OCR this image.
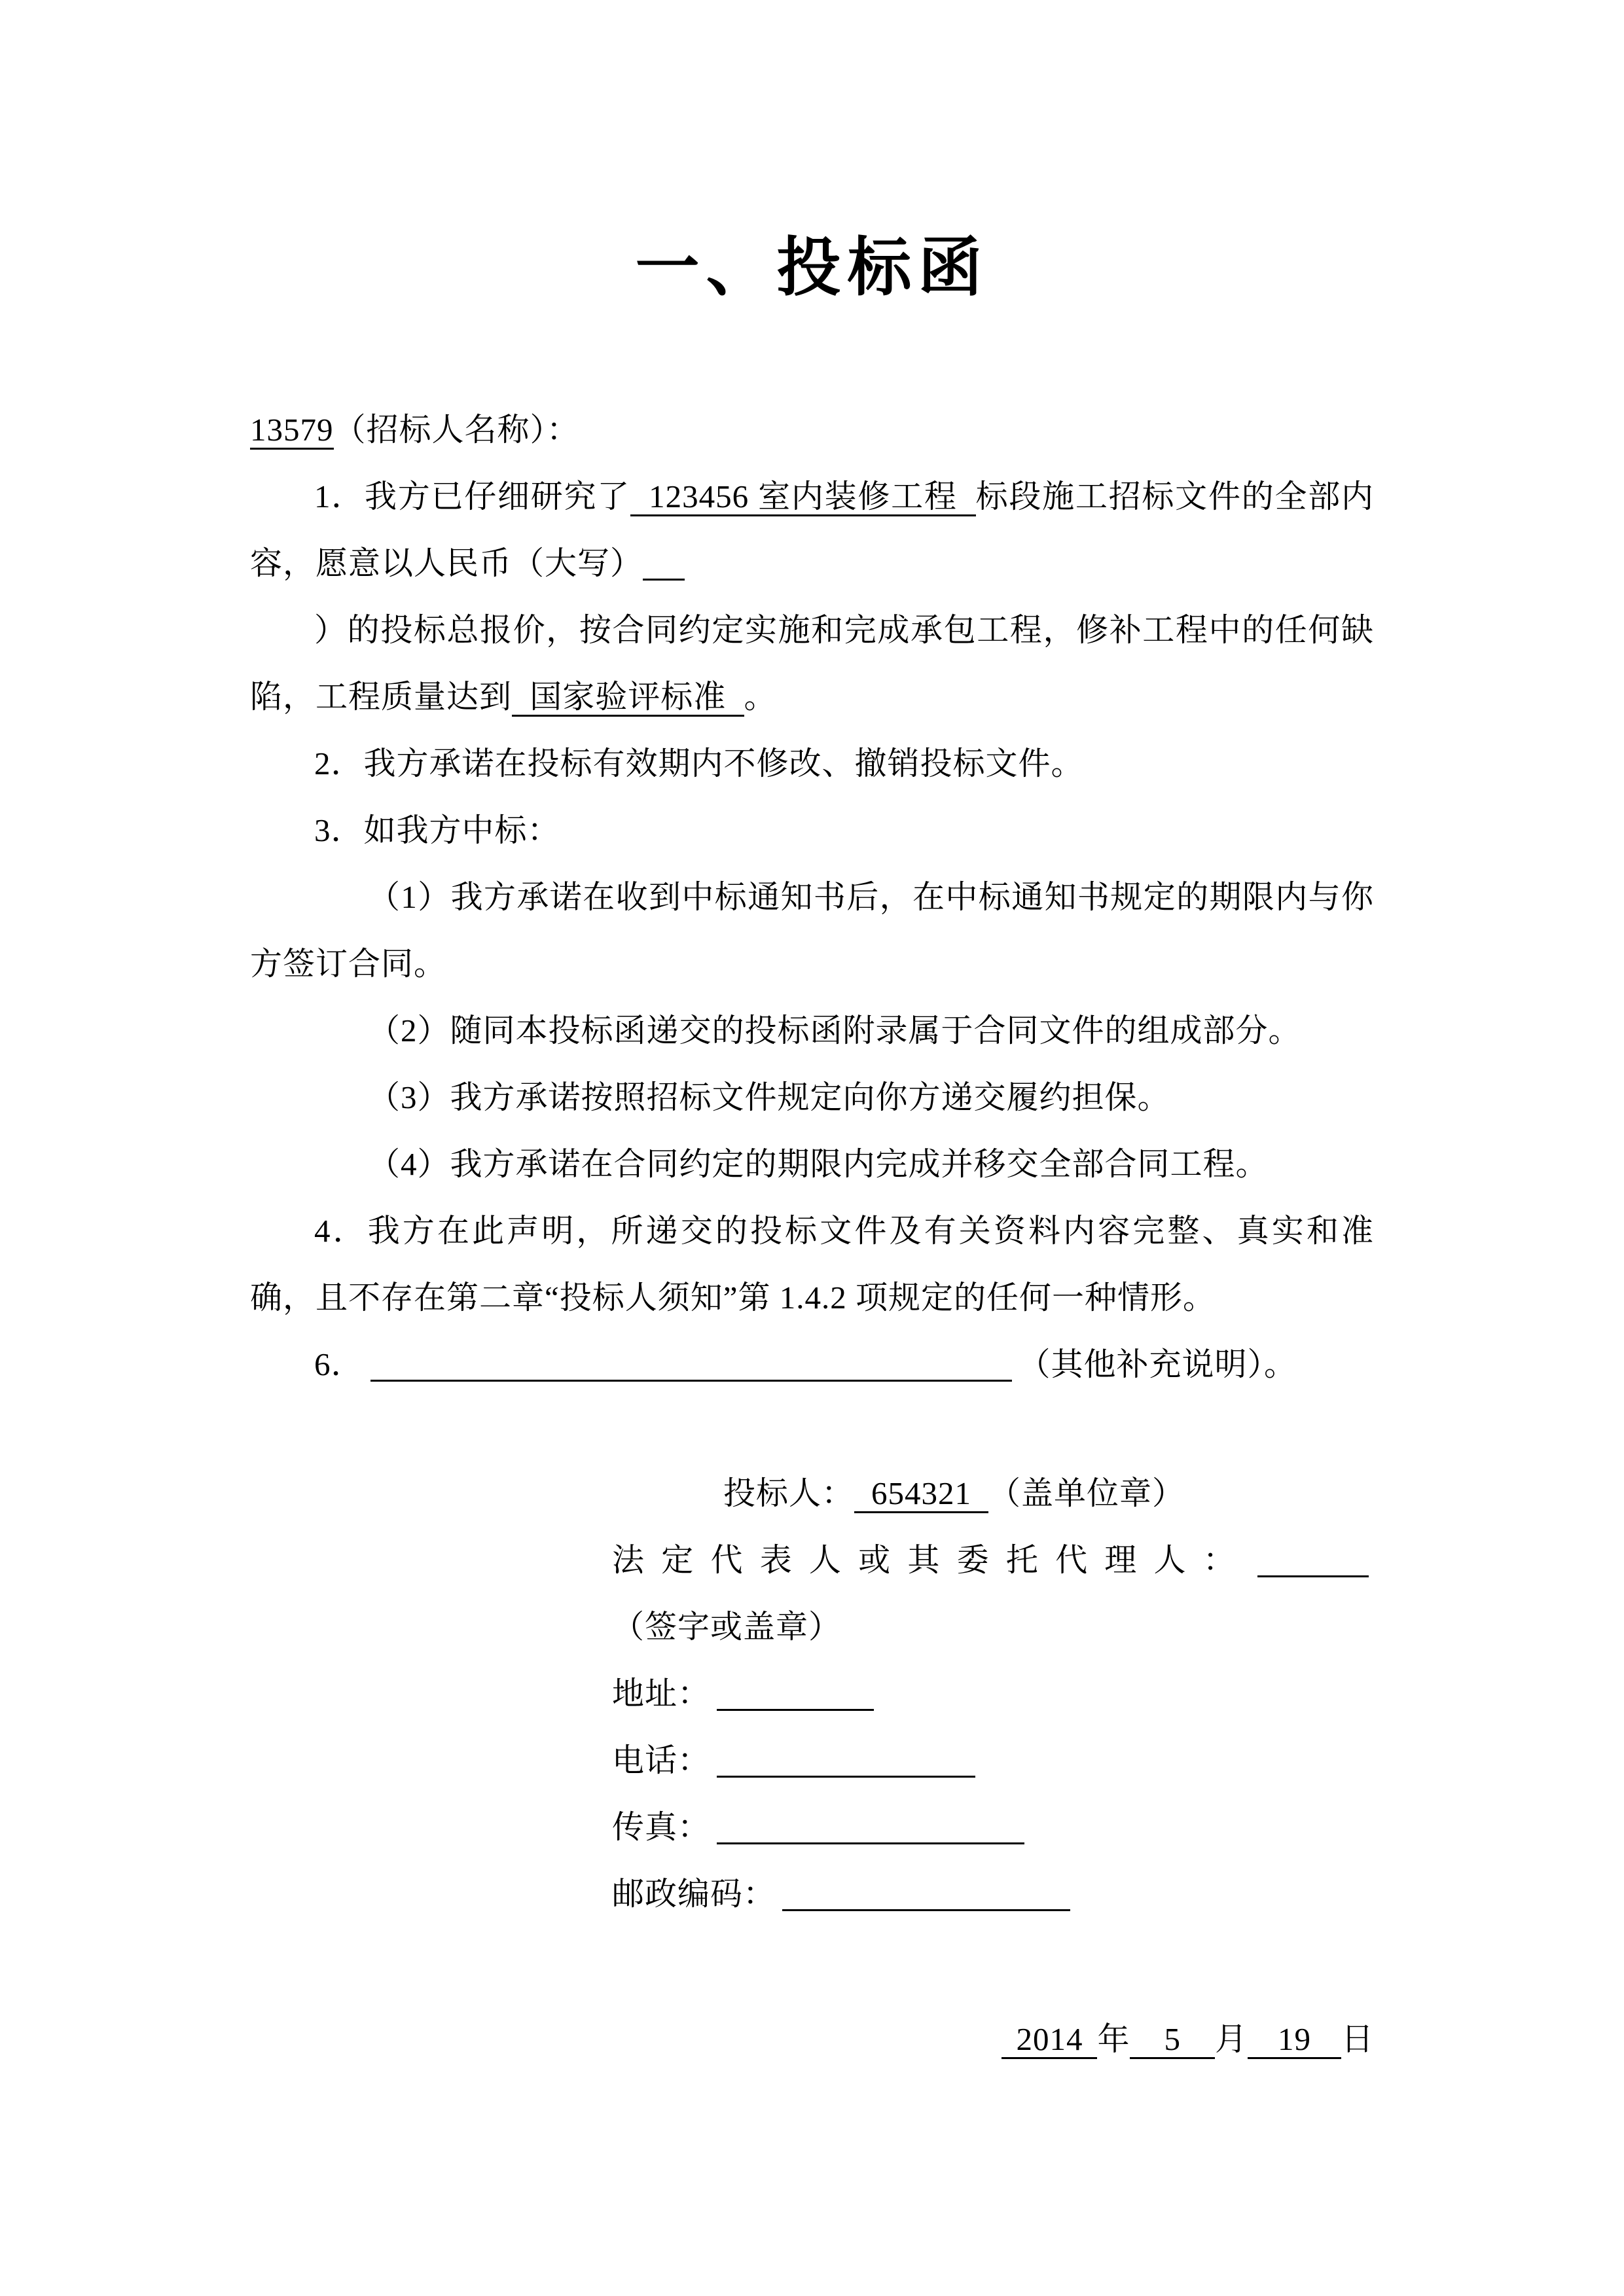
一、投标函

13579（招标人名称）：

1．我方已仔细研究了 123456 室内装修工程 标段施工招标文件的全部内容，愿意以人民币（大写）

）的投标总报价，按合同约定实施和完成承包工程，修补工程中的任何缺陷，工程质量达到 国家验评标准 。

2．我方承诺在投标有效期内不修改、撤销投标文件。

3．如我方中标：

（1）我方承诺在收到中标通知书后，在中标通知书规定的期限内与你方签订合同。

（2）随同本投标函递交的投标函附录属于合同文件的组成部分。

（3）我方承诺按照招标文件规定向你方递交履约担保。

（4）我方承诺在合同约定的期限内完成并移交全部合同工程。

4．我方在此声明，所递交的投标文件及有关资料内容完整、真实和准确，且不存在第二章“投标人须知”第 1.4.2 项规定的任何一种情形。

6．	（其他补充说明）。

投标人： 654321 （盖单位章）

法定代表人或其委托代理人：（签字或盖章）

地址：

电话：

传真：

邮政编码：

2014 年 5 月 19 日
